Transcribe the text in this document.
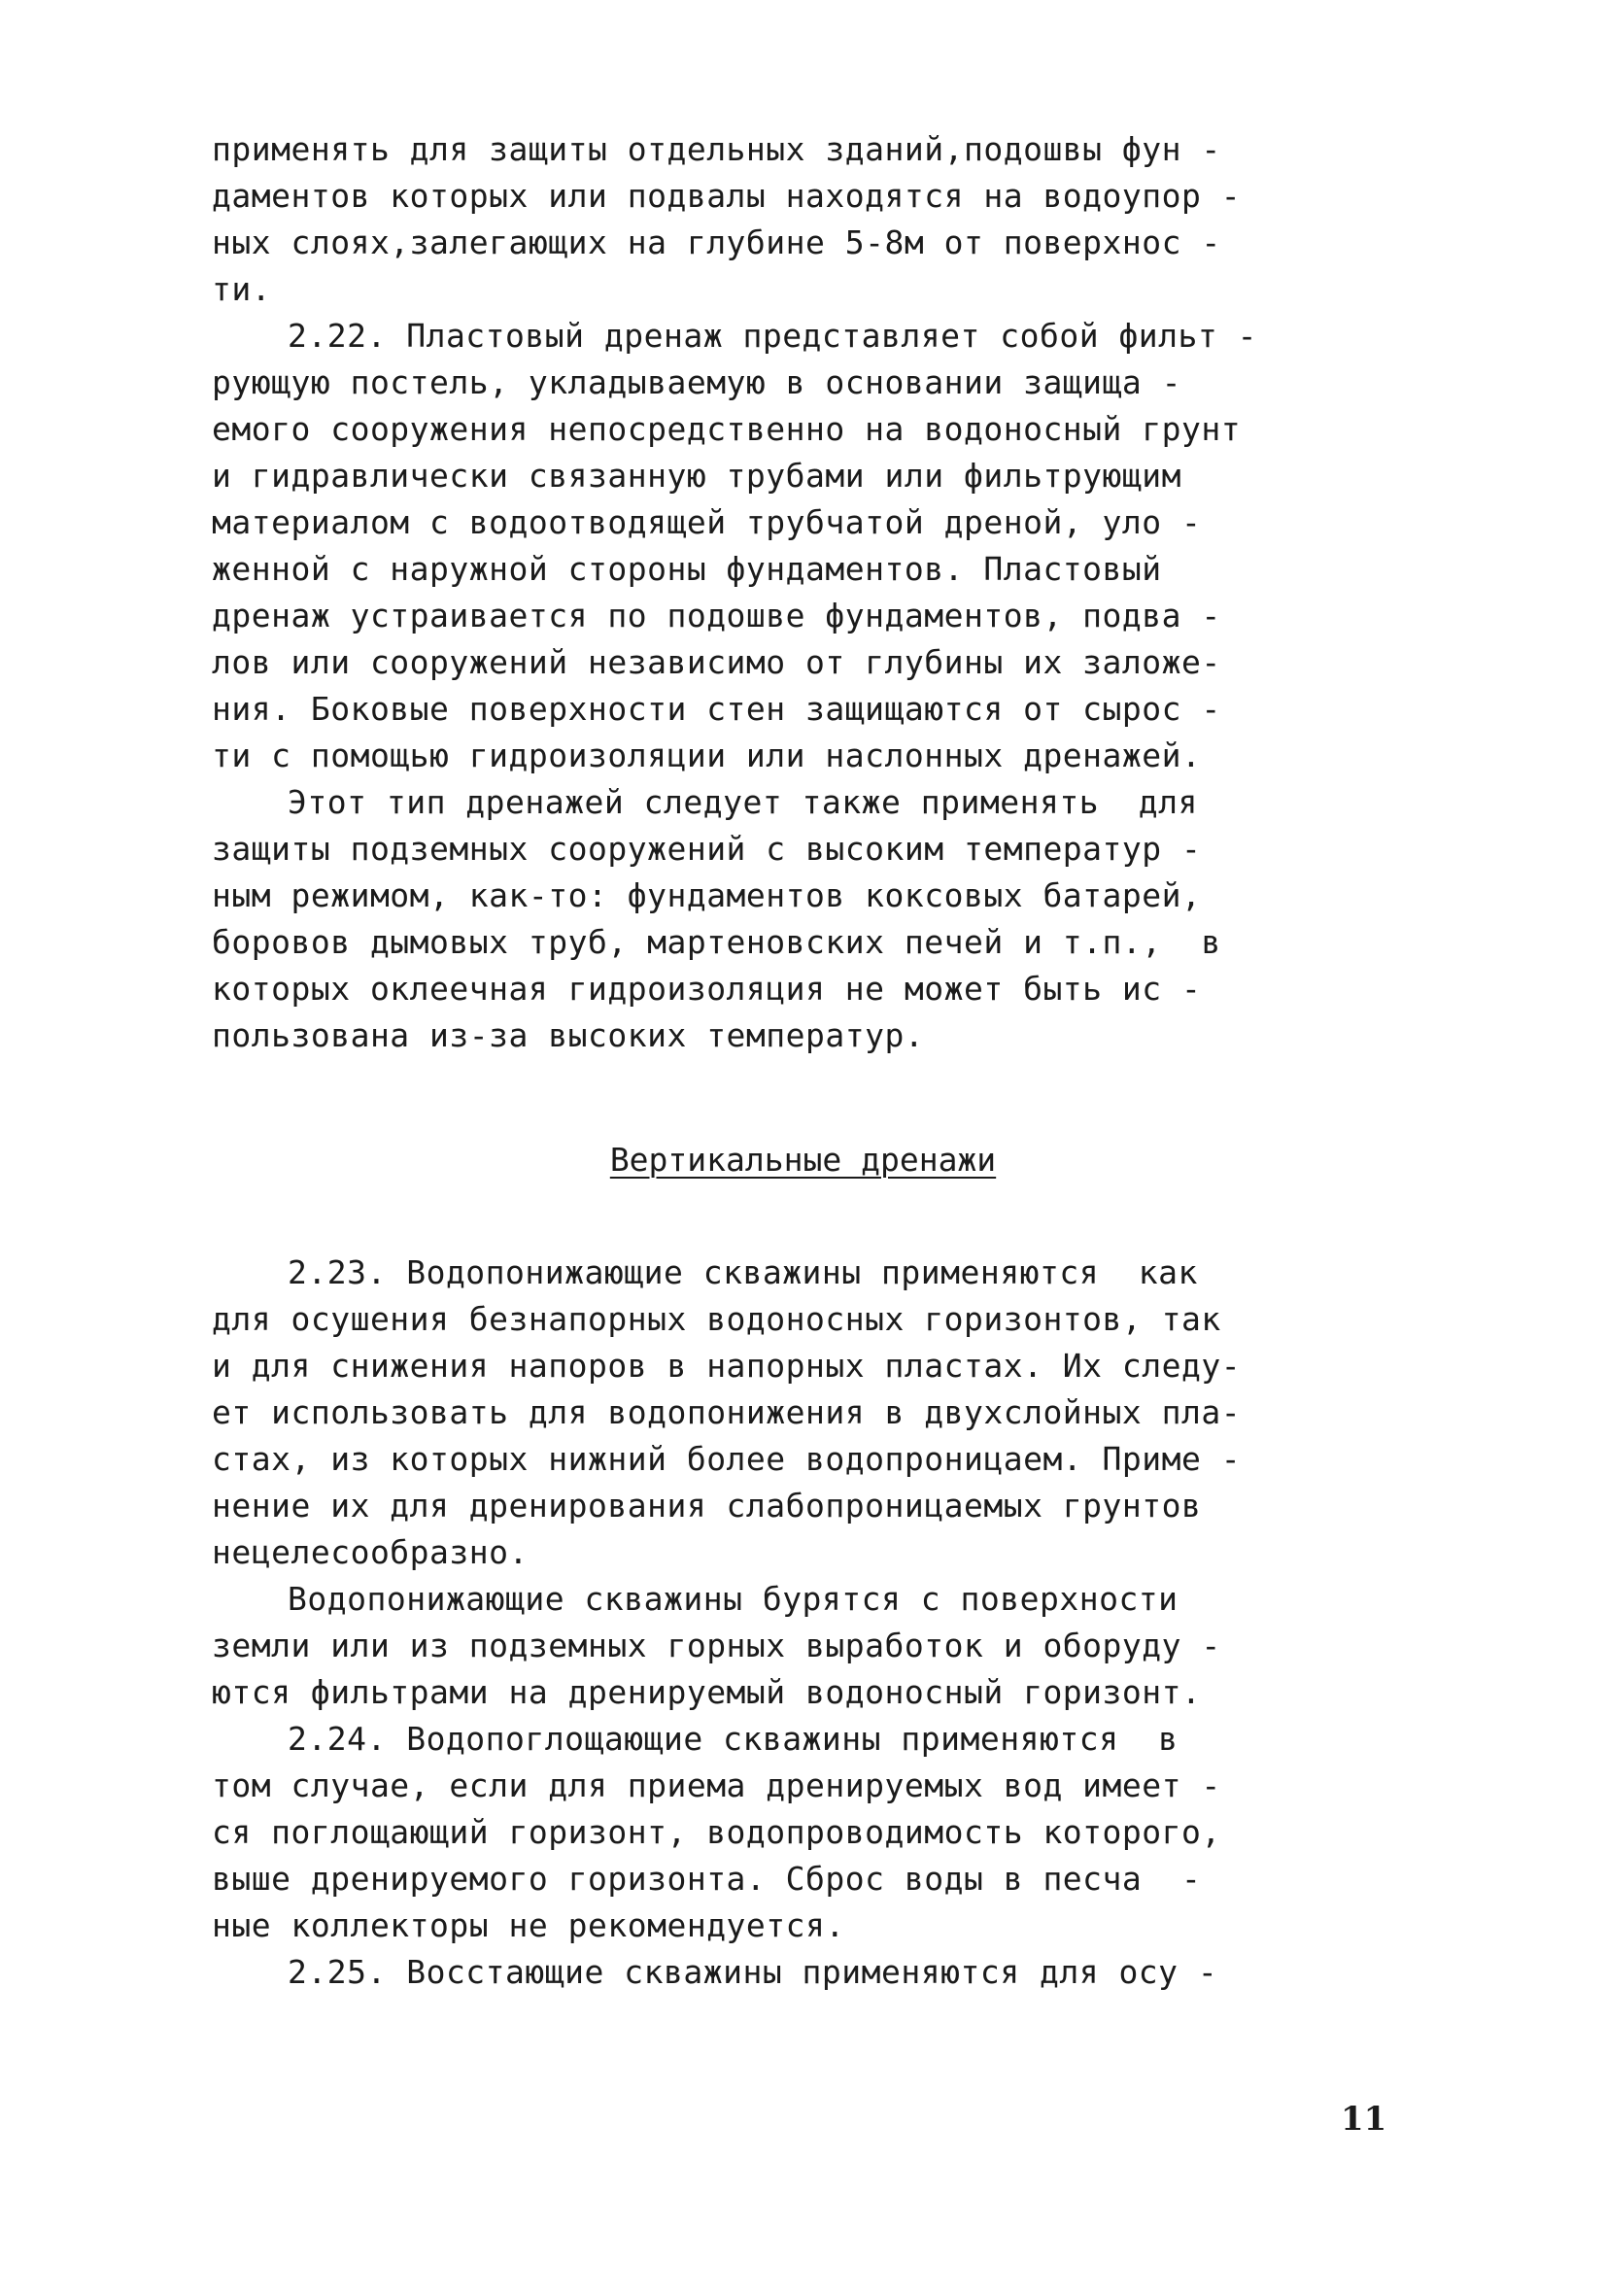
применять для защиты отдельных зданий,подошвы фун -
даментов которых или подвалы находятся на водоупор -
ных слоях,залегающих на глубине 5-8м от поверхнос -
ти.
2.22. Пластовый дренаж представляет собой фильт -
рующую постель, укладываемую в основании защища -
емого сооружения непосредственно на водоносный грунт
и гидравлически связанную трубами или фильтрующим
материалом с водоотводящей трубчатой дреной, уло -
женной с наружной стороны фундаментов. Пластовый
дренаж устраивается по подошве фундаментов, подва -
лов или сооружений независимо от глубины их заложе-
ния. Боковые поверхности стен защищаются от сырос -
ти с помощью гидроизоляции или наслонных дренажей.
Этот тип дренажей следует также применять  для
защиты подземных сооружений с высоким температур -
ным режимом, как-то: фундаментов коксовых батарей,
боровов дымовых труб, мартеновских печей и т.п.,  в
которых оклеечная гидроизоляция не может быть ис -
пользована из-за высоких температур.
Вертикальные дренажи
2.23. Водопонижающие скважины применяются  как
для осушения безнапорных водоносных горизонтов, так
и для снижения напоров в напорных пластах. Их следу-
ет использовать для водопонижения в двухслойных пла-
стах, из которых нижний более водопроницаем. Приме -
нение их для дренирования слабопроницаемых грунтов
нецелесообразно.
Водопонижающие скважины бурятся с поверхности
земли или из подземных горных выработок и оборуду -
ются фильтрами на дренируемый водоносный горизонт.
2.24. Водопоглощающие скважины применяются  в
том случае, если для приема дренируемых вод имеет -
ся поглощающий горизонт, водопроводимость которого,
выше дренируемого горизонта. Сброс воды в песча  -
ные коллекторы не рекомендуется.
2.25. Восстающие скважины применяются для осу -
11
